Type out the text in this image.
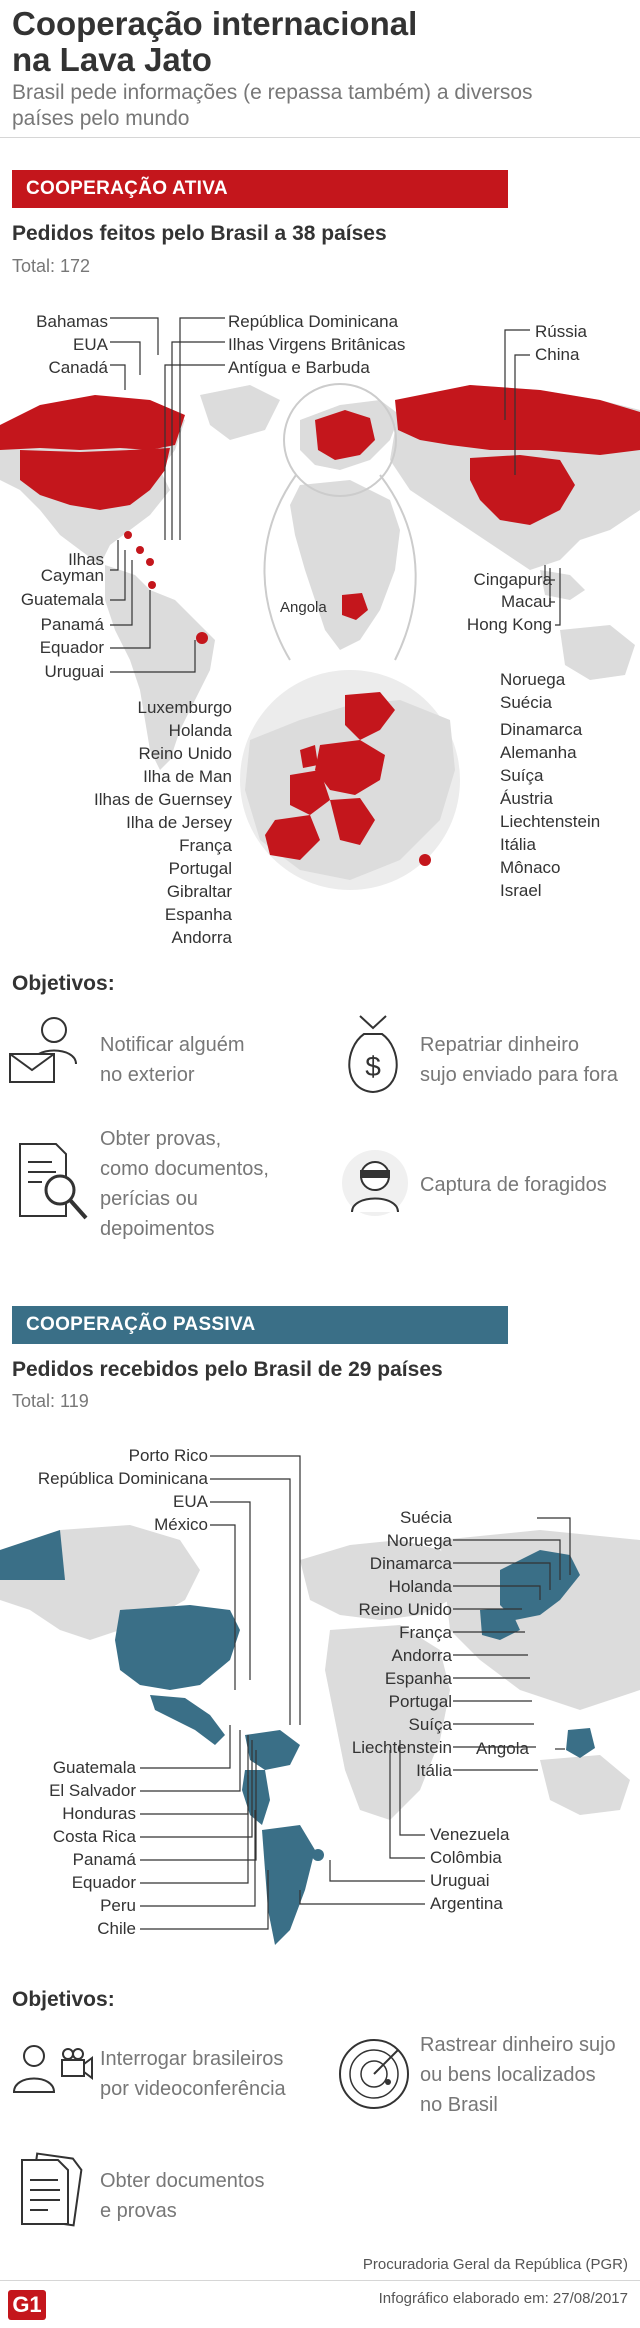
Cooperação internacional
na Lava Jato
Brasil pede informações (e repassa também) a diversos
países pelo mundo
COOPERAÇÃO ATIVA
Pedidos feitos pelo Brasil a 38 países
Total: 172
Bahamas
EUA
Canadá
República Dominicana
Ilhas Virgens Britânicas
Antígua e Barbuda
Rússia
China
Ilhas
Cayman
Guatemala
Panamá
Equador
Uruguai
Angola
Cingapura
Macau
Hong Kong
Luxemburgo
Holanda
Reino Unido
Ilha de Man
Ilhas de Guernsey
Ilha de Jersey
França
Portugal
Gibraltar
Espanha
Andorra
Noruega
Suécia
Dinamarca
Alemanha
Suíça
Áustria
Liechtenstein
Itália
Mônaco
Israel
Objetivos:
Notificar alguém
no exterior	$
Repatriar dinheiro
sujo enviado para fora
Obter provas,
como documentos,
perícias ou
depoimentos
Captura de foragidos
COOPERAÇÃO PASSIVA
Pedidos recebidos pelo Brasil de 29 países
Total: 119
Porto Rico
República Dominicana
EUA
México	Suécia
Noruega
Dinamarca
Holanda
Reino Unido
França
Andorra
Espanha
Portugal
Suíça
Liechtenstein
Itália
Guatemala
El Salvador
Honduras
Costa Rica
Panamá
Equador
Peru
Chile
Venezuela
Colômbia
Uruguai
Argentina
Angola
Objetivos:
Interrogar brasileiros
por videoconferência
Rastrear dinheiro sujo
ou bens localizados
no Brasil
Obter documentos
e provas
Procuradoria Geral da República (PGR)
Infográfico elaborado em: 27/08/2017
G1
